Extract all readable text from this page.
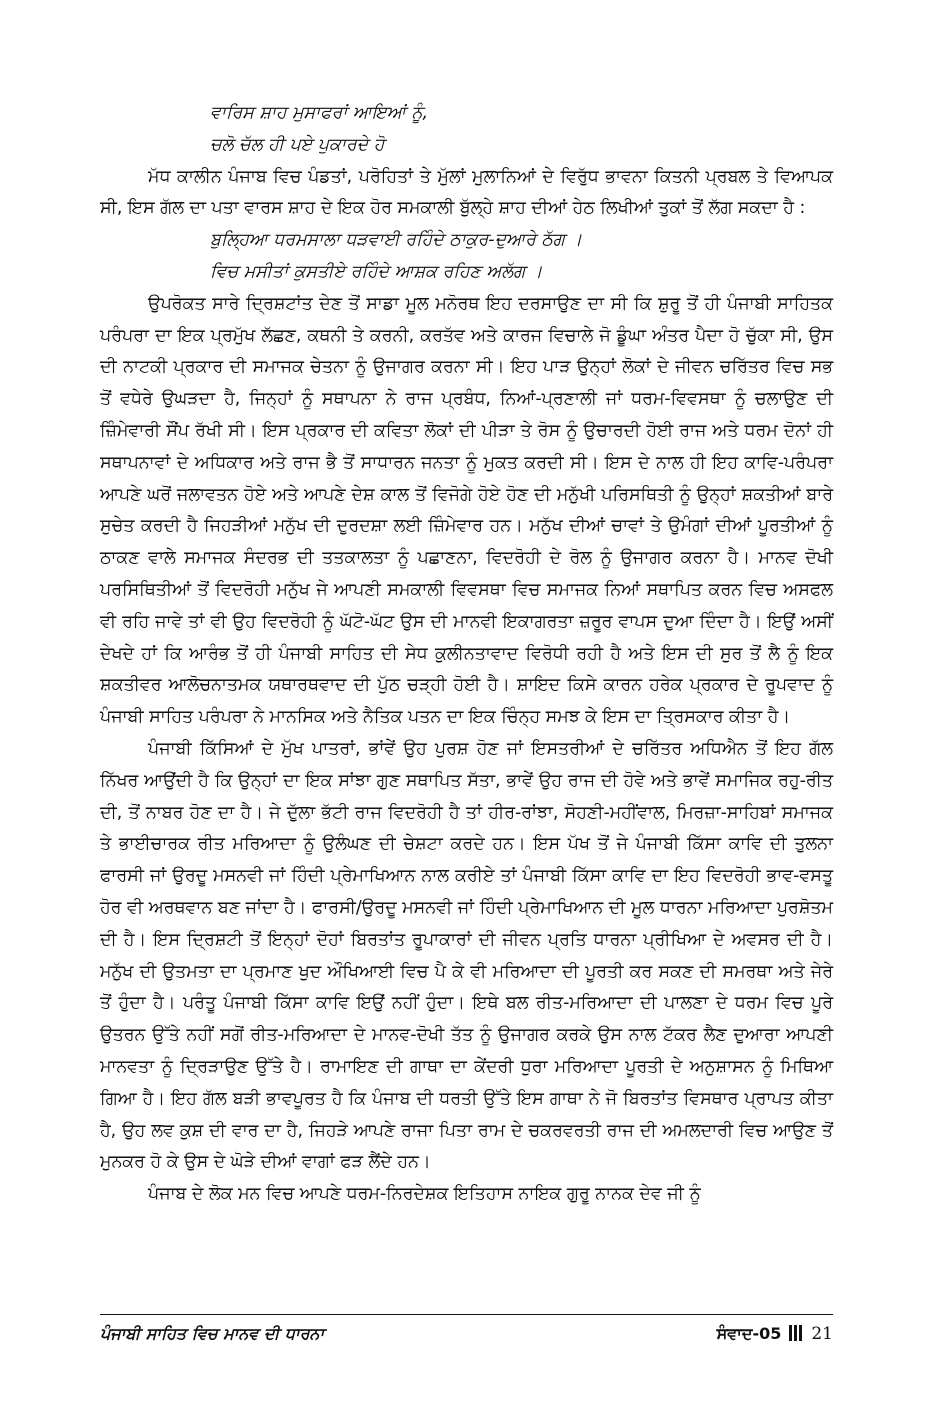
ਵਾਰਿਸ ਸ਼ਾਹ ਮੁਸਾਫਰਾਂ ਆਇਆਂ ਨੂੰ,
ਚਲੋ ਚੱਲ ਹੀ ਪਏ ਪੁਕਾਰਦੇ ਹੋ

ਮੱਧ ਕਾਲੀਨ ਪੰਜਾਬ ਵਿਚ ਪੰਡਤਾਂ, ਪਰੋਹਿਤਾਂ ਤੇ ਮੁੱਲਾਂ ਮੁਲਾਨਿਆਂ ਦੇ ਵਿਰੁੱਧ ਭਾਵਨਾ ਕਿਤਨੀ ਪ੍ਰਬਲ ਤੇ ਵਿਆਪਕ ਸੀ, ਇਸ ਗੱਲ ਦਾ ਪਤਾ ਵਾਰਸ ਸ਼ਾਹ ਦੇ ਇਕ ਹੋਰ ਸਮਕਾਲੀ ਬੁੱਲ੍ਹੇ ਸ਼ਾਹ ਦੀਆਂ ਹੇਠ ਲਿਖੀਆਂ ਤੁਕਾਂ ਤੋਂ ਲੱਗ ਸਕਦਾ ਹੈ :

ਬੁਲ੍ਹਿਆ ਧਰਮਸਾਲਾ ਧੜਵਾਈ ਰਹਿੰਦੇ ਠਾਕੁਰ-ਦੁਆਰੇ ਠੱਗ ।
ਵਿਚ ਮਸੀਤਾਂ ਕੁਸਤੀਏ ਰਹਿੰਦੇ ਆਸ਼ਕ ਰਹਿਣ ਅਲੱਗ ।

ਉਪਰੋਕਤ ਸਾਰੇ ਦ੍ਰਿਸ਼ਟਾਂਤ ਦੇਣ ਤੋਂ ਸਾਡਾ ਮੂਲ ਮਨੋਰਥ ਇਹ ਦਰਸਾਉਣ ਦਾ ਸੀ ਕਿ ਸ਼ੁਰੂ ਤੋਂ ਹੀ ਪੰਜਾਬੀ ਸਾਹਿਤਕ ਪਰੰਪਰਾ ਦਾ ਇਕ ਪ੍ਰਮੁੱਖ ਲੱਛਣ, ਕਥਨੀ ਤੇ ਕਰਨੀ, ਕਰਤੱਵ ਅਤੇ ਕਾਰਜ ਵਿਚਾਲੇ ਜੋ ਡੂੰਘਾ ਅੰਤਰ ਪੈਦਾ ਹੋ ਚੁੱਕਾ ਸੀ, ਉਸ ਦੀ ਨਾਟਕੀ ਪ੍ਰਕਾਰ ਦੀ ਸਮਾਜਕ ਚੇਤਨਾ ਨੂੰ ਉਜਾਗਰ ਕਰਨਾ ਸੀ। ਇਹ ਪਾੜ ਉਨ੍ਹਾਂ ਲੋਕਾਂ ਦੇ ਜੀਵਨ ਚਰਿੱਤਰ ਵਿਚ ਸਭ ਤੋਂ ਵਧੇਰੇ ਉਘੜਦਾ ਹੈ, ਜਿਨ੍ਹਾਂ ਨੂੰ ਸਥਾਪਨਾ ਨੇ ਰਾਜ ਪ੍ਰਬੰਧ, ਨਿਆਂ-ਪ੍ਰਣਾਲੀ ਜਾਂ ਧਰਮ-ਵਿਵਸਥਾ ਨੂੰ ਚਲਾਉਣ ਦੀ ਜ਼ਿੰਮੇਵਾਰੀ ਸੌਂਪ ਰੱਖੀ ਸੀ। ਇਸ ਪ੍ਰਕਾਰ ਦੀ ਕਵਿਤਾ ਲੋਕਾਂ ਦੀ ਪੀੜਾ ਤੇ ਰੋਸ ਨੂੰ ਉਚਾਰਦੀ ਹੋਈ ਰਾਜ ਅਤੇ ਧਰਮ ਦੋਨਾਂ ਹੀ ਸਥਾਪਨਾਵਾਂ ਦੇ ਅਧਿਕਾਰ ਅਤੇ ਰਾਜ ਭੈ ਤੋਂ ਸਾਧਾਰਨ ਜਨਤਾ ਨੂੰ ਮੁਕਤ ਕਰਦੀ ਸੀ। ਇਸ ਦੇ ਨਾਲ ਹੀ ਇਹ ਕਾਵਿ-ਪਰੰਪਰਾ ਆਪਣੇ ਘਰੋਂ ਜਲਾਵਤਨ ਹੋਏ ਅਤੇ ਆਪਣੇ ਦੇਸ਼ ਕਾਲ ਤੋਂ ਵਿਜੋਗੇ ਹੋਏ ਹੋਣ ਦੀ ਮਨੁੱਖੀ ਪਰਿਸਥਿਤੀ ਨੂੰ ਉਨ੍ਹਾਂ ਸ਼ਕਤੀਆਂ ਬਾਰੇ ਸੁਚੇਤ ਕਰਦੀ ਹੈ ਜਿਹੜੀਆਂ ਮਨੁੱਖ ਦੀ ਦੁਰਦਸ਼ਾ ਲਈ ਜ਼ਿੰਮੇਵਾਰ ਹਨ। ਮਨੁੱਖ ਦੀਆਂ ਚਾਵਾਂ ਤੇ ਉਮੰਗਾਂ ਦੀਆਂ ਪੂਰਤੀਆਂ ਨੂੰ ਠਾਕਣ ਵਾਲੇ ਸਮਾਜਕ ਸੰਦਰਭ ਦੀ ਤਤਕਾਲਤਾ ਨੂੰ ਪਛਾਣਨਾ, ਵਿਦਰੋਹੀ ਦੇ ਰੋਲ ਨੂੰ ਉਜਾਗਰ ਕਰਨਾ ਹੈ। ਮਾਨਵ ਦੋਖੀ ਪਰਸਿਥਿਤੀਆਂ ਤੋਂ ਵਿਦਰੋਹੀ ਮਨੁੱਖ ਜੇ ਆਪਣੀ ਸਮਕਾਲੀ ਵਿਵਸਥਾ ਵਿਚ ਸਮਾਜਕ ਨਿਆਂ ਸਥਾਪਿਤ ਕਰਨ ਵਿਚ ਅਸਫਲ ਵੀ ਰਹਿ ਜਾਵੇ ਤਾਂ ਵੀ ਉਹ ਵਿਦਰੋਹੀ ਨੂੰ ਘੱਟੋ-ਘੱਟ ਉਸ ਦੀ ਮਾਨਵੀ ਇਕਾਗਰਤਾ ਜ਼ਰੂਰ ਵਾਪਸ ਦੁਆ ਦਿੰਦਾ ਹੈ। ਇਉਂ ਅਸੀਂ ਦੇਖਦੇ ਹਾਂ ਕਿ ਆਰੰਭ ਤੋਂ ਹੀ ਪੰਜਾਬੀ ਸਾਹਿਤ ਦੀ ਸੇਧ ਕੁਲੀਨਤਾਵਾਦ ਵਿਰੋਧੀ ਰਹੀ ਹੈ ਅਤੇ ਇਸ ਦੀ ਸੁਰ ਤੋਂ ਲੈ ਨੂੰ ਇਕ ਸ਼ਕਤੀਵਰ ਆਲੋਚਨਾਤਮਕ ਯਥਾਰਥਵਾਦ ਦੀ ਪੁੱਠ ਚੜ੍ਹੀ ਹੋਈ ਹੈ। ਸ਼ਾਇਦ ਕਿਸੇ ਕਾਰਨ ਹਰੇਕ ਪ੍ਰਕਾਰ ਦੇ ਰੂਪਵਾਦ ਨੂੰ ਪੰਜਾਬੀ ਸਾਹਿਤ ਪਰੰਪਰਾ ਨੇ ਮਾਨਸਿਕ ਅਤੇ ਨੈਤਿਕ ਪਤਨ ਦਾ ਇਕ ਚਿੰਨ੍ਹ ਸਮਝ ਕੇ ਇਸ ਦਾ ਤ੍ਰਿਸਕਾਰ ਕੀਤਾ ਹੈ।

ਪੰਜਾਬੀ ਕਿੱਸਿਆਂ ਦੇ ਮੁੱਖ ਪਾਤਰਾਂ, ਭਾਂਵੇਂ ਉਹ ਪੁਰਸ਼ ਹੋਣ ਜਾਂ ਇਸਤਰੀਆਂ ਦੇ ਚਰਿੱਤਰ ਅਧਿਐਨ ਤੋਂ ਇਹ ਗੱਲ ਨਿੱਖਰ ਆਉਂਦੀ ਹੈ ਕਿ ਉਨ੍ਹਾਂ ਦਾ ਇਕ ਸਾਂਝਾ ਗੁਣ ਸਥਾਪਿਤ ਸੱਤਾ, ਭਾਵੇਂ ਉਹ ਰਾਜ ਦੀ ਹੋਵੇ ਅਤੇ ਭਾਵੇਂ ਸਮਾਜਿਕ ਰਹੁ-ਰੀਤ ਦੀ, ਤੋਂ ਨਾਬਰ ਹੋਣ ਦਾ ਹੈ। ਜੇ ਦੁੱਲਾ ਭੱਟੀ ਰਾਜ ਵਿਦਰੋਹੀ ਹੈ ਤਾਂ ਹੀਰ-ਰਾਂਝਾ, ਸੋਹਣੀ-ਮਹੀਂਵਾਲ, ਮਿਰਜ਼ਾ-ਸਾਹਿਬਾਂ ਸਮਾਜਕ ਤੇ ਭਾਈਚਾਰਕ ਰੀਤ ਮਰਿਆਦਾ ਨੂੰ ਉਲੰਘਣ ਦੀ ਚੇਸ਼ਟਾ ਕਰਦੇ ਹਨ। ਇਸ ਪੱਖ ਤੋਂ ਜੇ ਪੰਜਾਬੀ ਕਿੱਸਾ ਕਾਵਿ ਦੀ ਤੁਲਨਾ ਫਾਰਸੀ ਜਾਂ ਉਰਦੂ ਮਸਨਵੀ ਜਾਂ ਹਿੰਦੀ ਪ੍ਰੇਮਾਖਿਆਨ ਨਾਲ ਕਰੀਏ ਤਾਂ ਪੰਜਾਬੀ ਕਿੱਸਾ ਕਾਵਿ ਦਾ ਇਹ ਵਿਦਰੋਹੀ ਭਾਵ-ਵਸਤੂ ਹੋਰ ਵੀ ਅਰਥਵਾਨ ਬਣ ਜਾਂਦਾ ਹੈ। ਫਾਰਸੀ/ਉਰਦੂ ਮਸਨਵੀ ਜਾਂ ਹਿੰਦੀ ਪ੍ਰੇਮਾਖਿਆਨ ਦੀ ਮੂਲ ਧਾਰਨਾ ਮਰਿਆਦਾ ਪੁਰਸ਼ੋਤਮ ਦੀ ਹੈ। ਇਸ ਦ੍ਰਿਸ਼ਟੀ ਤੋਂ ਇਨ੍ਹਾਂ ਦੋਹਾਂ ਬਿਰਤਾਂਤ ਰੂਪਾਕਾਰਾਂ ਦੀ ਜੀਵਨ ਪ੍ਰਤਿ ਧਾਰਨਾ ਪ੍ਰੀਖਿਆ ਦੇ ਅਵਸਰ ਦੀ ਹੈ। ਮਨੁੱਖ ਦੀ ਉਤਮਤਾ ਦਾ ਪ੍ਰਮਾਣ ਖੁਦ ਔਖਿਆਈ ਵਿਚ ਪੈ ਕੇ ਵੀ ਮਰਿਆਦਾ ਦੀ ਪੂਰਤੀ ਕਰ ਸਕਣ ਦੀ ਸਮਰਥਾ ਅਤੇ ਜੇਰੇ ਤੋਂ ਹੁੰਦਾ ਹੈ। ਪਰੰਤੂ ਪੰਜਾਬੀ ਕਿੱਸਾ ਕਾਵਿ ਇਉਂ ਨਹੀਂ ਹੁੰਦਾ। ਇਥੇ ਬਲ ਰੀਤ-ਮਰਿਆਦਾ ਦੀ ਪਾਲਣਾ ਦੇ ਧਰਮ ਵਿਚ ਪੂਰੇ ਉਤਰਨ ਉੱਤੇ ਨਹੀਂ ਸਗੋਂ ਰੀਤ-ਮਰਿਆਦਾ ਦੇ ਮਾਨਵ-ਦੋਖੀ ਤੱਤ ਨੂੰ ਉਜਾਗਰ ਕਰਕੇ ਉਸ ਨਾਲ ਟੱਕਰ ਲੈਣ ਦੁਆਰਾ ਆਪਣੀ ਮਾਨਵਤਾ ਨੂੰ ਦ੍ਰਿੜਾਉਣ ਉੱਤੇ ਹੈ। ਰਾਮਾਇਣ ਦੀ ਗਾਥਾ ਦਾ ਕੇਂਦਰੀ ਧੁਰਾ ਮਰਿਆਦਾ ਪੂਰਤੀ ਦੇ ਅਨੁਸ਼ਾਸਨ ਨੂੰ ਮਿਥਿਆ ਗਿਆ ਹੈ। ਇਹ ਗੱਲ ਬੜੀ ਭਾਵਪੂਰਤ ਹੈ ਕਿ ਪੰਜਾਬ ਦੀ ਧਰਤੀ ਉੱਤੇ ਇਸ ਗਾਥਾ ਨੇ ਜੋ ਬਿਰਤਾਂਤ ਵਿਸਥਾਰ ਪ੍ਰਾਪਤ ਕੀਤਾ ਹੈ, ਉਹ ਲਵ ਕੁਸ਼ ਦੀ ਵਾਰ ਦਾ ਹੈ, ਜਿਹੜੇ ਆਪਣੇ ਰਾਜਾ ਪਿਤਾ ਰਾਮ ਦੇ ਚਕਰਵਰਤੀ ਰਾਜ ਦੀ ਅਮਲਦਾਰੀ ਵਿਚ ਆਉਣ ਤੋਂ ਮੁਨਕਰ ਹੋ ਕੇ ਉਸ ਦੇ ਘੋੜੇ ਦੀਆਂ ਵਾਗਾਂ ਫੜ ਲੈਂਦੇ ਹਨ।

ਪੰਜਾਬ ਦੇ ਲੋਕ ਮਨ ਵਿਚ ਆਪਣੇ ਧਰਮ-ਨਿਰਦੇਸ਼ਕ ਇਤਿਹਾਸ ਨਾਇਕ ਗੁਰੂ ਨਾਨਕ ਦੇਵ ਜੀ ਨੂੰ

ਪੰਜਾਬੀ ਸਾਹਿਤ ਵਿਚ ਮਾਨਵ ਦੀ ਧਾਰਨਾ	ਸੰਵਾਦ-05 21
